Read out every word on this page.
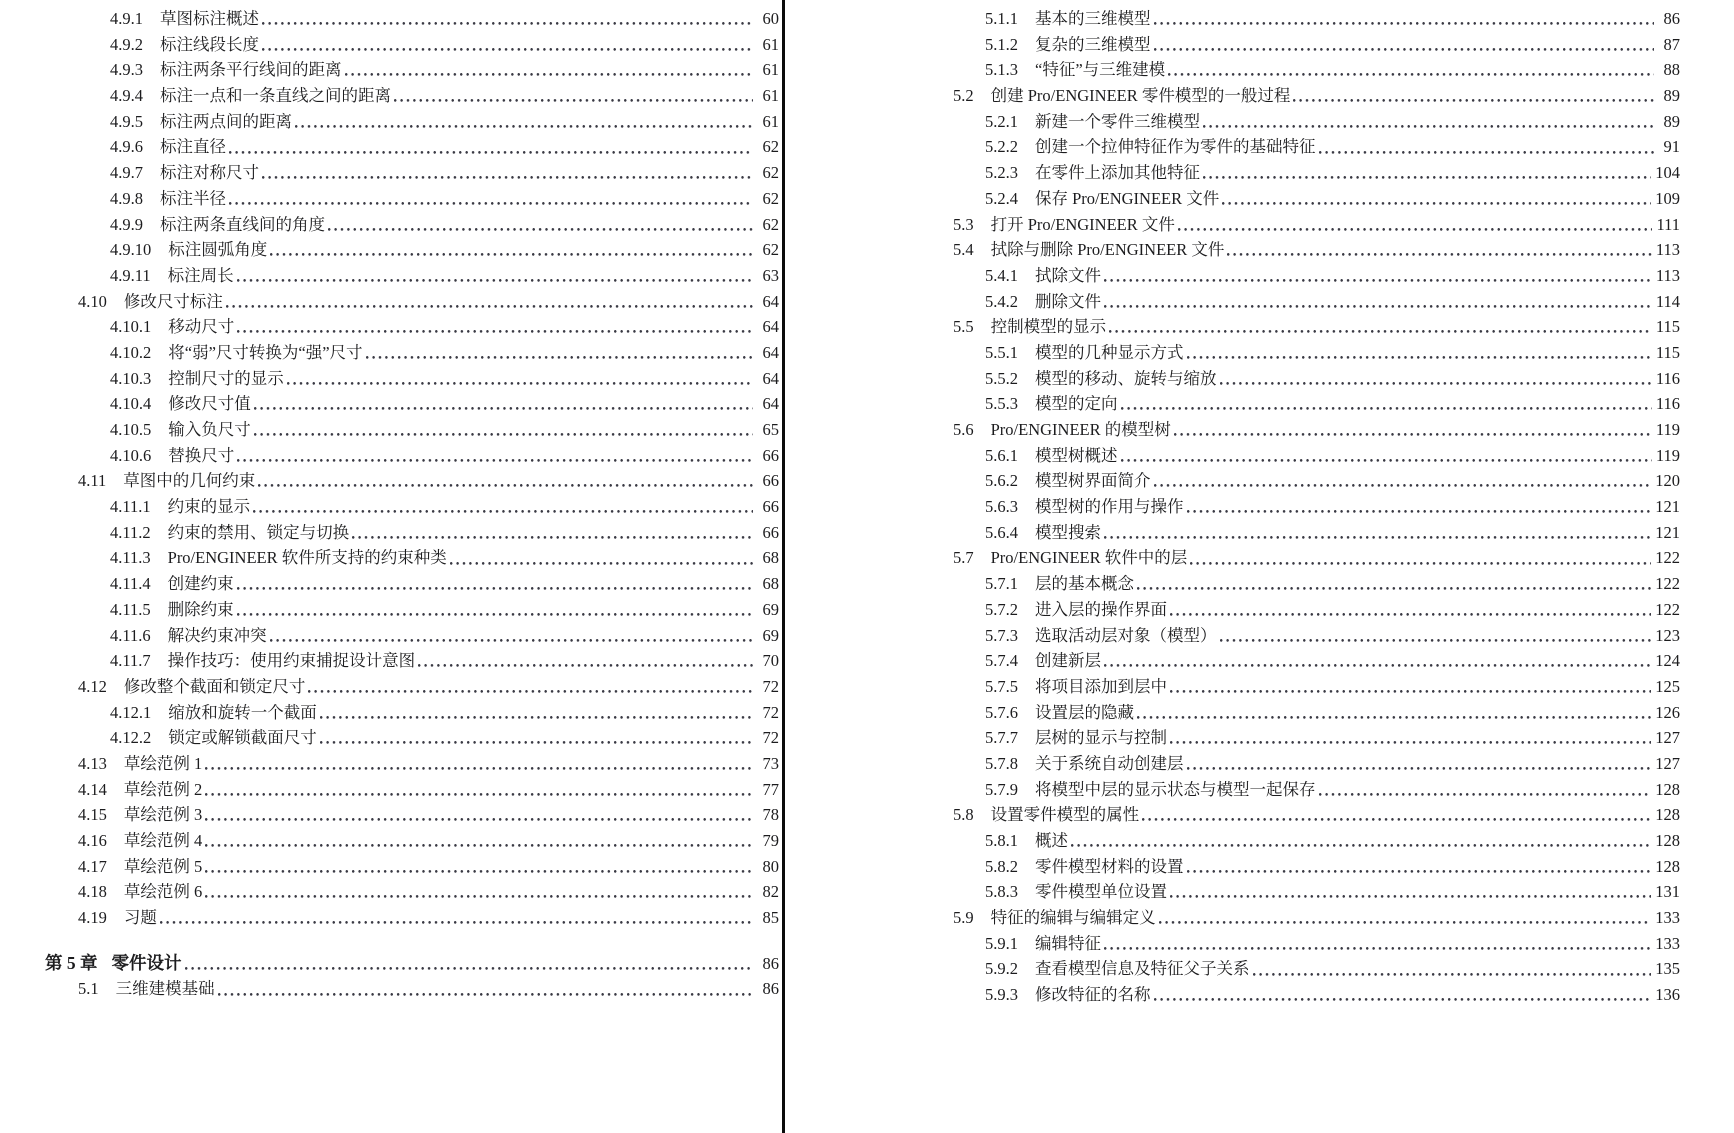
4.9.1 草图标注概述	60
4.9.2 标注线段长度	61
4.9.3 标注两条平行线间的距离	61
4.9.4 标注一点和一条直线之间的距离	61
4.9.5 标注两点间的距离	61
4.9.6 标注直径	62
4.9.7 标注对称尺寸	62
4.9.8 标注半径	62
4.9.9 标注两条直线间的角度	62
4.9.10 标注圆弧角度	62
4.9.11 标注周长	63
4.10 修改尺寸标注	64
4.10.1 移动尺寸	64
4.10.2 将“弱”尺寸转换为“强”尺寸	64
4.10.3 控制尺寸的显示	64
4.10.4 修改尺寸值	64
4.10.5 输入负尺寸	65
4.10.6 替换尺寸	66
4.11 草图中的几何约束	66
4.11.1 约束的显示	66
4.11.2 约束的禁用、锁定与切换	66
4.11.3 Pro/ENGINEER 软件所支持的约束种类	68
4.11.4 创建约束	68
4.11.5 删除约束	69
4.11.6 解决约束冲突	69
4.11.7 操作技巧：使用约束捕捉设计意图	70
4.12 修改整个截面和锁定尺寸	72
4.12.1 缩放和旋转一个截面	72
4.12.2 锁定或解锁截面尺寸	72
4.13 草绘范例 1	73
4.14 草绘范例 2	77
4.15 草绘范例 3	78
4.16 草绘范例 4	79
4.17 草绘范例 5	80
4.18 草绘范例 6	82
4.19 习题	85
第 5 章 零件设计	86
5.1 三维建模基础	86
5.1.1 基本的三维模型	86
5.1.2 复杂的三维模型	87
5.1.3 “特征”与三维建模	88
5.2 创建 Pro/ENGINEER 零件模型的一般过程	89
5.2.1 新建一个零件三维模型	89
5.2.2 创建一个拉伸特征作为零件的基础特征	91
5.2.3 在零件上添加其他特征	104
5.2.4 保存 Pro/ENGINEER 文件	109
5.3 打开 Pro/ENGINEER 文件	111
5.4 拭除与删除 Pro/ENGINEER 文件	113
5.4.1 拭除文件	113
5.4.2 删除文件	114
5.5 控制模型的显示	115
5.5.1 模型的几种显示方式	115
5.5.2 模型的移动、旋转与缩放	116
5.5.3 模型的定向	116
5.6 Pro/ENGINEER 的模型树	119
5.6.1 模型树概述	119
5.6.2 模型树界面简介	120
5.6.3 模型树的作用与操作	121
5.6.4 模型搜索	121
5.7 Pro/ENGINEER 软件中的层	122
5.7.1 层的基本概念	122
5.7.2 进入层的操作界面	122
5.7.3 选取活动层对象（模型）	123
5.7.4 创建新层	124
5.7.5 将项目添加到层中	125
5.7.6 设置层的隐藏	126
5.7.7 层树的显示与控制	127
5.7.8 关于系统自动创建层	127
5.7.9 将模型中层的显示状态与模型一起保存	128
5.8 设置零件模型的属性	128
5.8.1 概述	128
5.8.2 零件模型材料的设置	128
5.8.3 零件模型单位设置	131
5.9 特征的编辑与编辑定义	133
5.9.1 编辑特征	133
5.9.2 查看模型信息及特征父子关系	135
5.9.3 修改特征的名称	136
